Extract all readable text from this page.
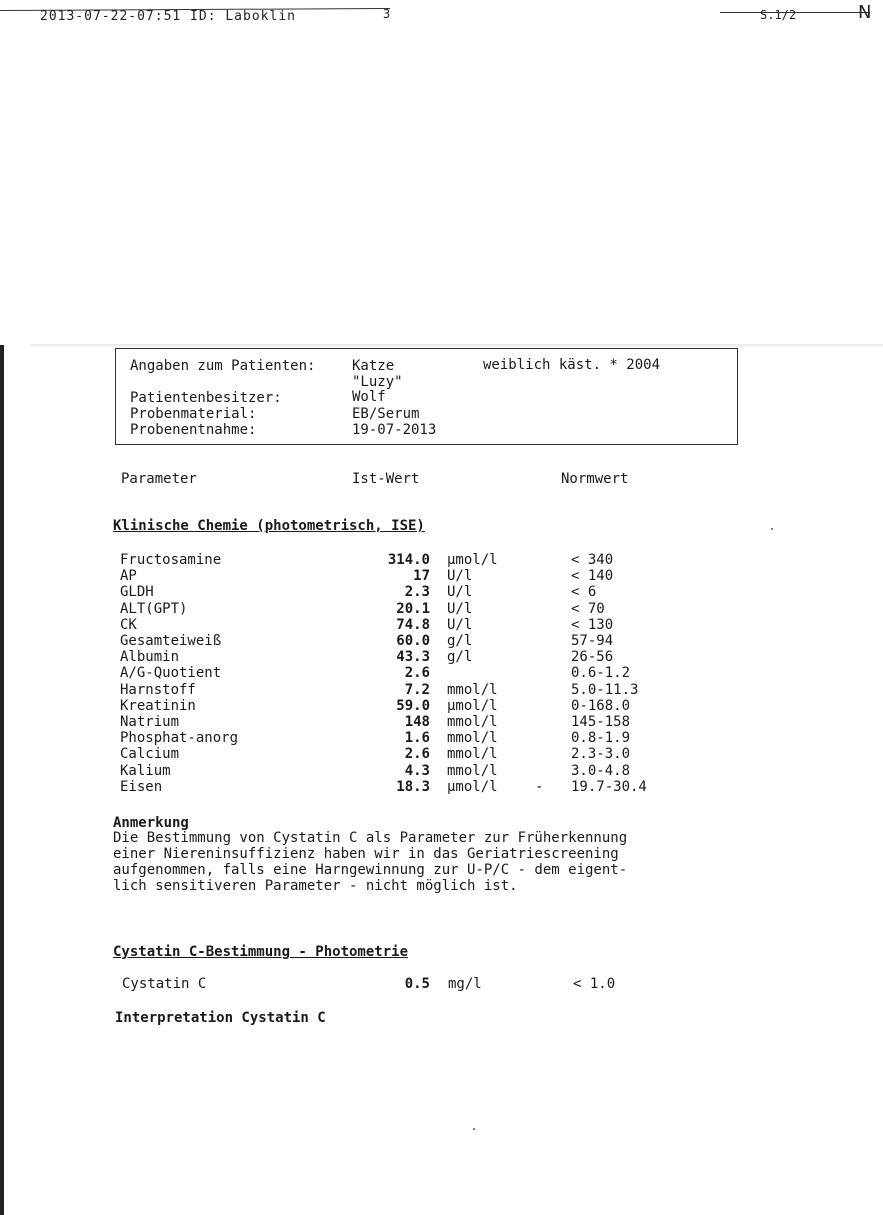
2013-07-22-07:51 ID: Laboklin	3	S.1/2	N
Angaben zum Patienten:	Katze	weiblich käst. * 2004
"Luzy"
Patientenbesitzer:	Wolf
Probenmaterial:	EB/Serum
Probenentnahme:	19-07-2013
Parameter	Ist-Wert	Normwert
Klinische Chemie (photometrisch, ISE)
Fructosamine	314.0 µmol/l	< 340
AP	17 U/l	< 140
GLDH	2.3 U/l	< 6
ALT(GPT)	20.1 U/l	< 70
CK	74.8 U/l	< 130
Gesamteiweiß	60.0 g/l	57-94
Albumin	43.3 g/l	26-56
A/G-Quotient	2.6	0.6-1.2
Harnstoff	7.2 mmol/l	5.0-11.3
Kreatinin	59.0 µmol/l	0-168.0
Natrium	148 mmol/l	145-158
Phosphat-anorg	1.6 mmol/l	0.8-1.9
Calcium	2.6 mmol/l	2.3-3.0
Kalium	4.3 mmol/l	3.0-4.8
Eisen	18.3 µmol/l	- 19.7-30.4
Anmerkung
Die Bestimmung von Cystatin C als Parameter zur Früherkennung
einer Niereninsuffizienz haben wir in das Geriatriescreening
aufgenommen, falls eine Harngewinnung zur U-P/C - dem eigent-
lich sensitiveren Parameter - nicht möglich ist.
Cystatin C-Bestimmung - Photometrie
Cystatin C	0.5 mg/l	< 1.0
Interpretation Cystatin C
